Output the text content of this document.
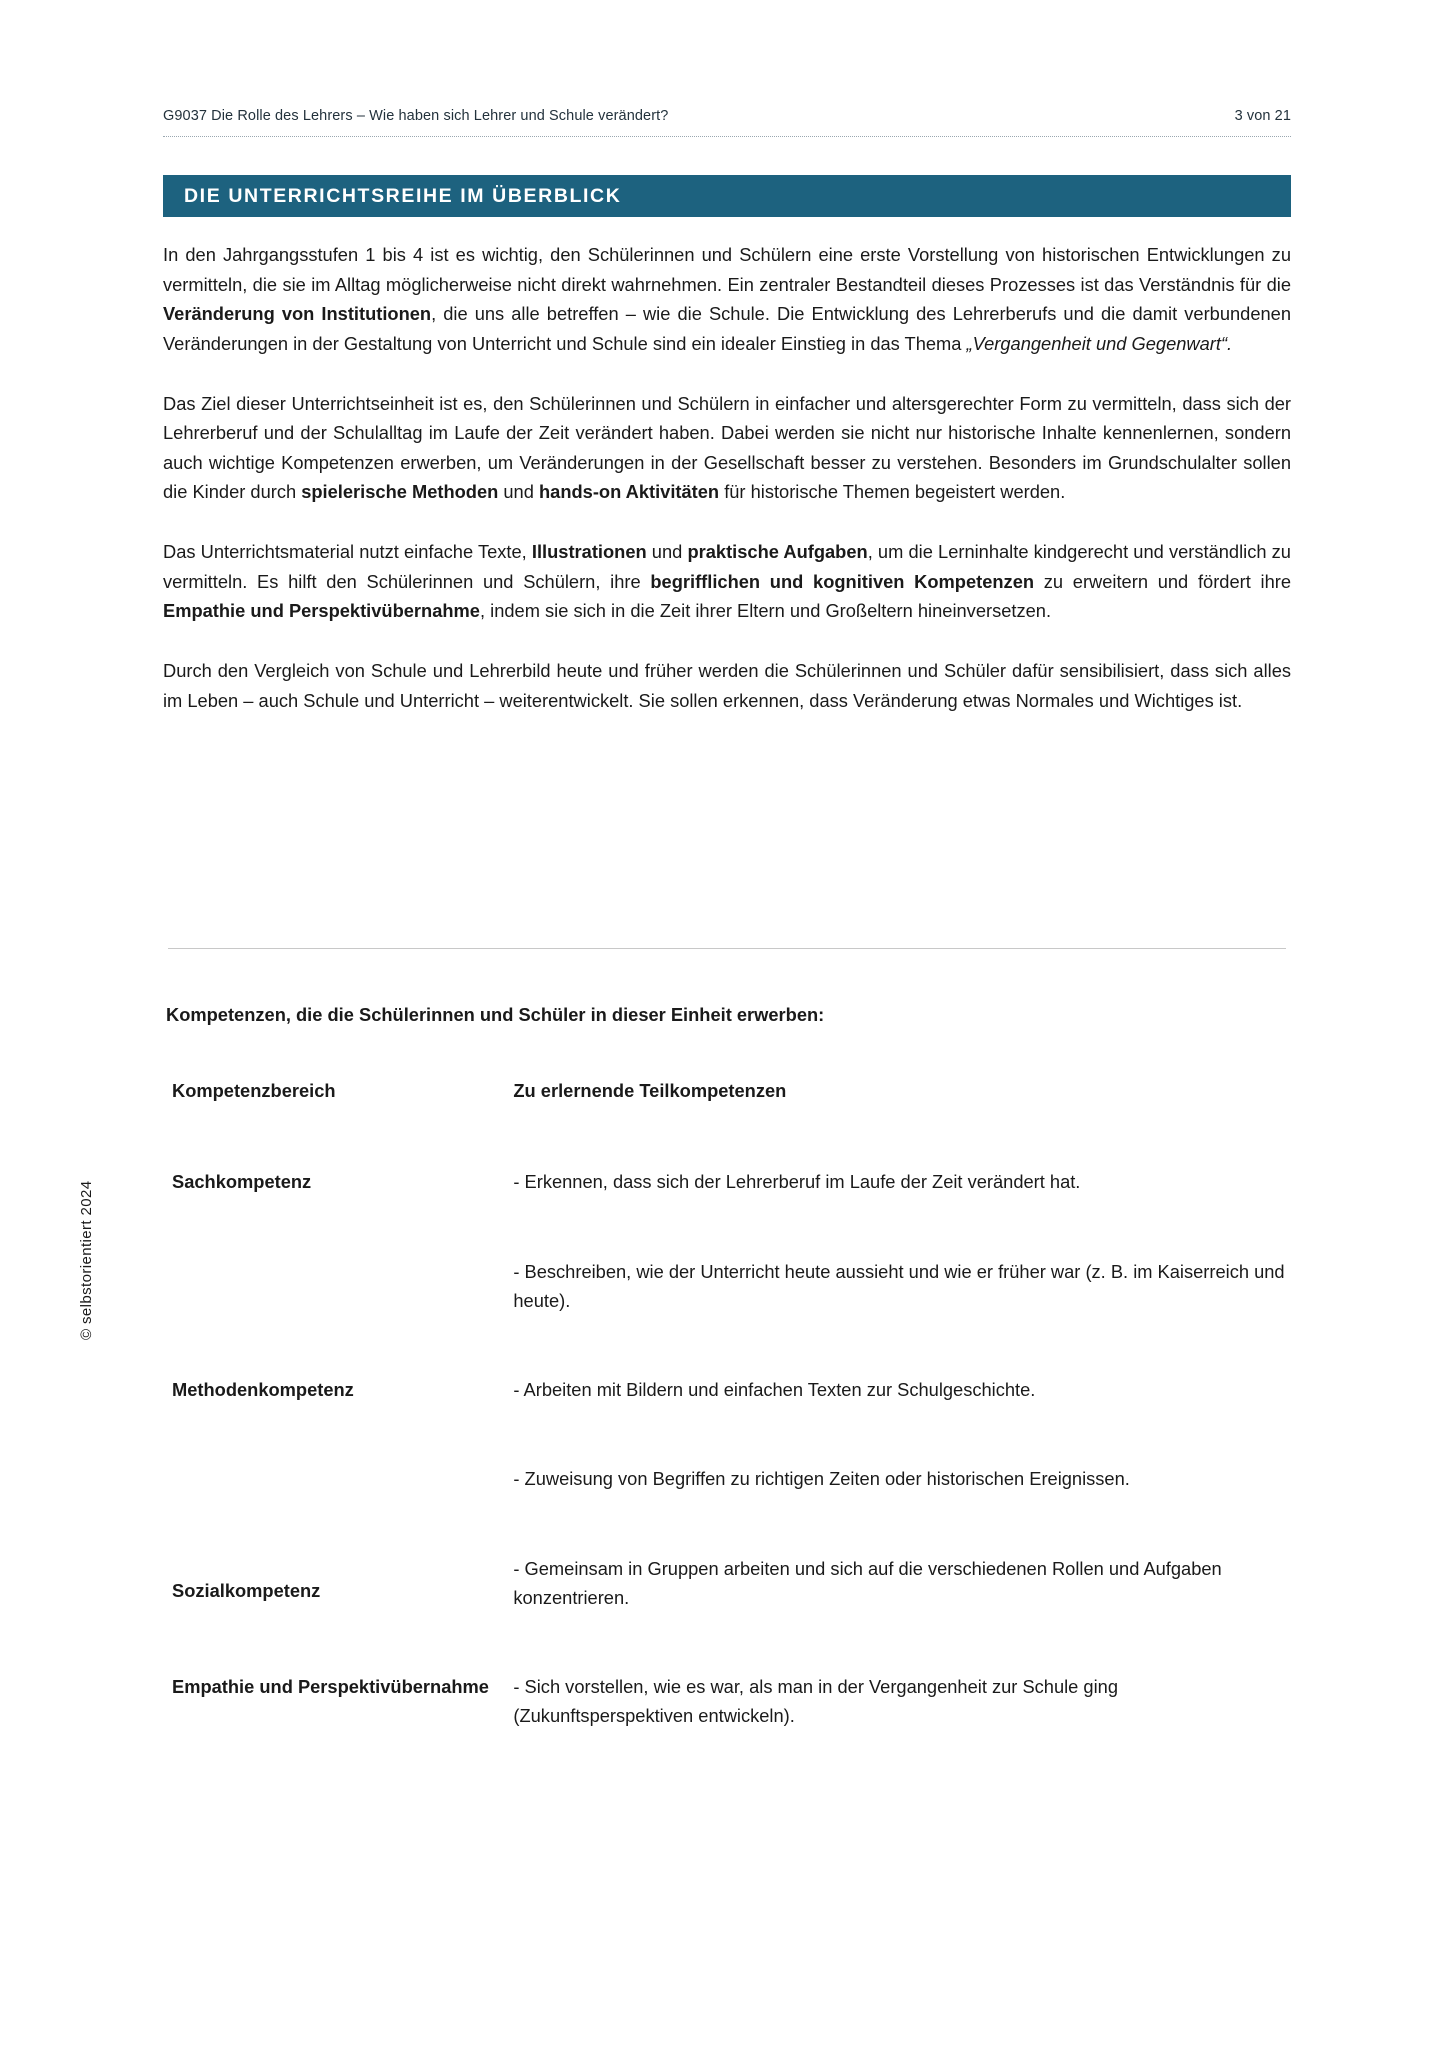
G9037 Die Rolle des Lehrers – Wie haben sich Lehrer und Schule verändert?	3 von 21
DIE UNTERRICHTSREIHE IM ÜBERBLICK

In den Jahrgangsstufen 1 bis 4 ist es wichtig, den Schülerinnen und Schülern eine erste Vorstellung von historischen Entwicklungen zu vermitteln, die sie im Alltag möglicherweise nicht direkt wahrnehmen. Ein zentraler Bestandteil dieses Prozesses ist das Verständnis für die Veränderung von Institutionen, die uns alle betreffen – wie die Schule. Die Entwicklung des Lehrerberufs und die damit verbundenen Veränderungen in der Gestaltung von Unterricht und Schule sind ein idealer Einstieg in das Thema „Vergangenheit und Gegenwart“.

Das Ziel dieser Unterrichtseinheit ist es, den Schülerinnen und Schülern in einfacher und altersgerechter Form zu vermitteln, dass sich der Lehrerberuf und der Schulalltag im Laufe der Zeit verändert haben. Dabei werden sie nicht nur historische Inhalte kennenlernen, sondern auch wichtige Kompetenzen erwerben, um Veränderungen in der Gesellschaft besser zu verstehen. Besonders im Grundschulalter sollen die Kinder durch spielerische Methoden und hands-on Aktivitäten für historische Themen begeistert werden.

Das Unterrichtsmaterial nutzt einfache Texte, Illustrationen und praktische Aufgaben, um die Lerninhalte kindgerecht und verständlich zu vermitteln. Es hilft den Schülerinnen und Schülern, ihre begrifflichen und kognitiven Kompetenzen zu erweitern und fördert ihre Empathie und Perspektivübernahme, indem sie sich in die Zeit ihrer Eltern und Großeltern hineinversetzen.

Durch den Vergleich von Schule und Lehrerbild heute und früher werden die Schülerinnen und Schüler dafür sensibilisiert, dass sich alles im Leben – auch Schule und Unterricht – weiterentwickelt. Sie sollen erkennen, dass Veränderung etwas Normales und Wichtiges ist.

Kompetenzen, die die Schülerinnen und Schüler in dieser Einheit erwerben:
Kompetenzbereich	Zu erlernende Teilkompetenzen
Sachkompetenz	- Erkennen, dass sich der Lehrerberuf im Laufe der Zeit verändert hat.
	- Beschreiben, wie der Unterricht heute aussieht und wie er früher war (z. B. im Kaiserreich und heute).
Methodenkompetenz	- Arbeiten mit Bildern und einfachen Texten zur Schulgeschichte.
	- Zuweisung von Begriffen zu richtigen Zeiten oder historischen Ereignissen.
Sozialkompetenz	- Gemeinsam in Gruppen arbeiten und sich auf die verschiedenen Rollen und Aufgaben konzentrieren.
Empathie und Perspektivübernahme	- Sich vorstellen, wie es war, als man in der Vergangenheit zur Schule ging (Zukunftsperspektiven entwickeln).
© selbstorientiert 2024
